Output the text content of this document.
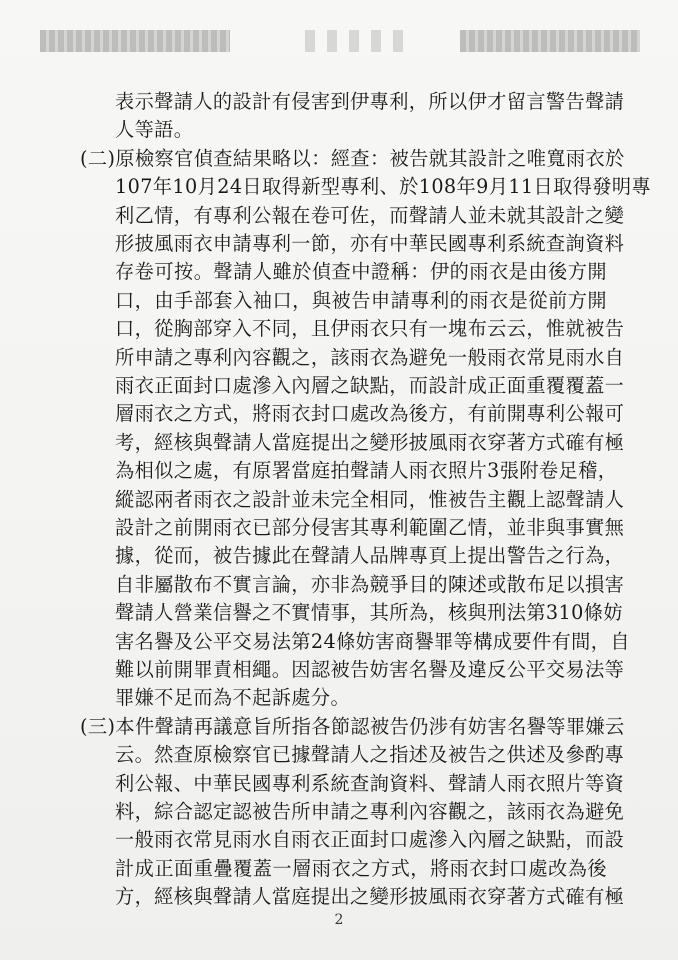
表示聲請人的設計有侵害到伊專利，所以伊才留言警告聲請
人等語。
(二)原檢察官偵查結果略以：經查：被告就其設計之唯寬雨衣於
107年10月24日取得新型專利、於108年9月11日取得發明專
利乙情，有專利公報在卷可佐，而聲請人並未就其設計之變
形披風雨衣申請專利一節，亦有中華民國專利系統查詢資料
存卷可按。聲請人雖於偵查中證稱：伊的雨衣是由後方開
口，由手部套入袖口，與被告申請專利的雨衣是從前方開
口，從胸部穿入不同，且伊雨衣只有一塊布云云，惟就被告
所申請之專利內容觀之，該雨衣為避免一般雨衣常見雨水自
雨衣正面封口處滲入內層之缺點，而設計成正面重覆覆蓋一
層雨衣之方式，將雨衣封口處改為後方，有前開專利公報可
考，經核與聲請人當庭提出之變形披風雨衣穿著方式確有極
為相似之處，有原署當庭拍聲請人雨衣照片3張附卷足稽，
縱認兩者雨衣之設計並未完全相同，惟被告主觀上認聲請人
設計之前開雨衣已部分侵害其專利範圍乙情，並非與事實無
據，從而，被告據此在聲請人品牌專頁上提出警告之行為，
自非屬散布不實言論，亦非為競爭目的陳述或散布足以損害
聲請人營業信譽之不實情事，其所為，核與刑法第310條妨
害名譽及公平交易法第24條妨害商譽罪等構成要件有間，自
難以前開罪責相繩。因認被告妨害名譽及違反公平交易法等
罪嫌不足而為不起訴處分。
(三)本件聲請再議意旨所指各節認被告仍涉有妨害名譽等罪嫌云
云。然查原檢察官已據聲請人之指述及被告之供述及參酌專
利公報、中華民國專利系統查詢資料、聲請人雨衣照片等資
料，綜合認定認被告所申請之專利內容觀之，該雨衣為避免
一般雨衣常見雨水自雨衣正面封口處滲入內層之缺點，而設
計成正面重疊覆蓋一層雨衣之方式，將雨衣封口處改為後
方，經核與聲請人當庭提出之變形披風雨衣穿著方式確有極
2
